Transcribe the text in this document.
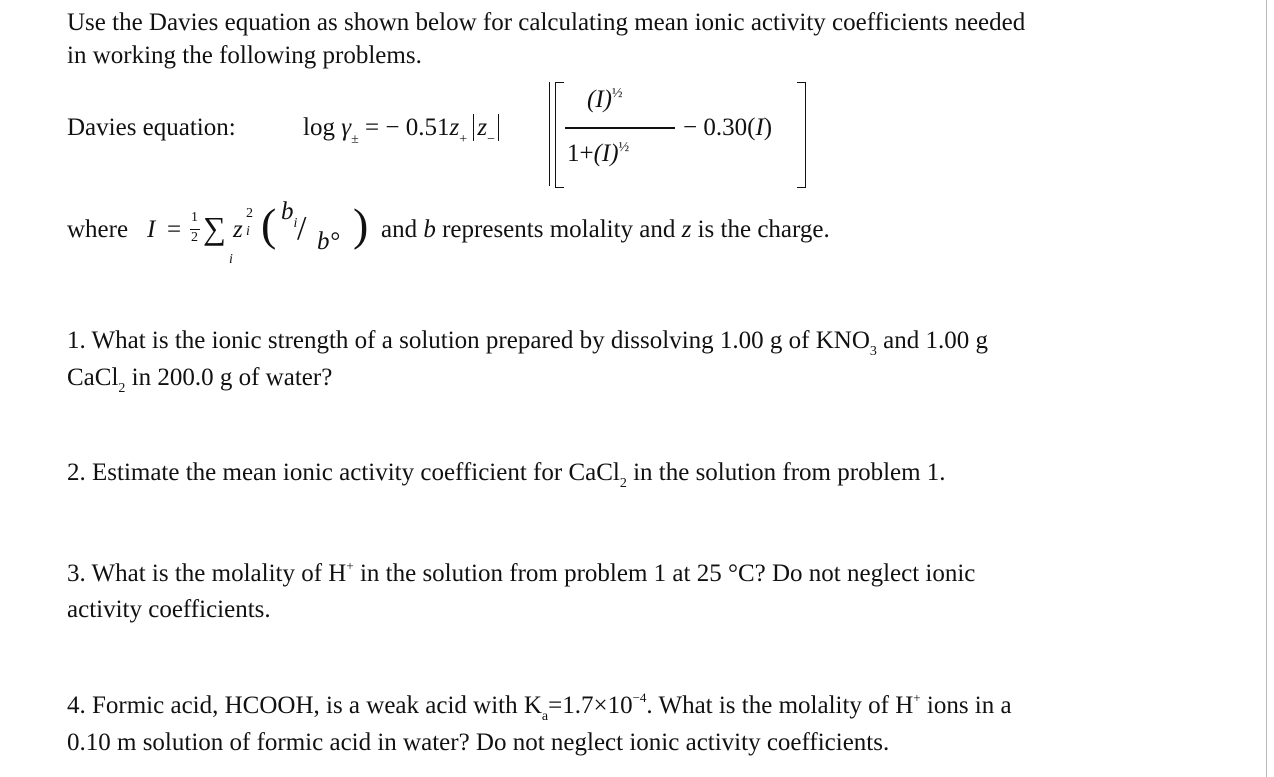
Use the Davies equation as shown below for calculating mean ionic activity coefficients needed
in working the following problems.
Davies equation:	$\log \gamma_\pm$ = − $0.51z_+$ $z_-$
$(I)^{\frac{1}{2}}$
$1+(I)^{\frac{1}{2}}$
− 0.30(I)
where I = 1
2 ∑
i
z
2
i ( $b_i / b^\circ$ ) and b represents molality and z is the charge.
1. What is the ionic strength of a solution prepared by dissolving 1.00 g of $KNO_3$ and 1.00 g
CaCl$_2$ in 200.0 g of water?
2. Estimate the mean ionic activity coefficient for CaCl$_2$ in the solution from problem 1.
3. What is the molality of H+ in the solution from problem 1 at 25 °C? Do not neglect ionic
activity coefficients.
4. Formic acid, HCOOH, is a weak acid with $K_a=1.7\times 10^{-4}$. What is the molality of H+ ions in a
0.10 m solution of formic acid in water? Do not neglect ionic activity coefficients.
